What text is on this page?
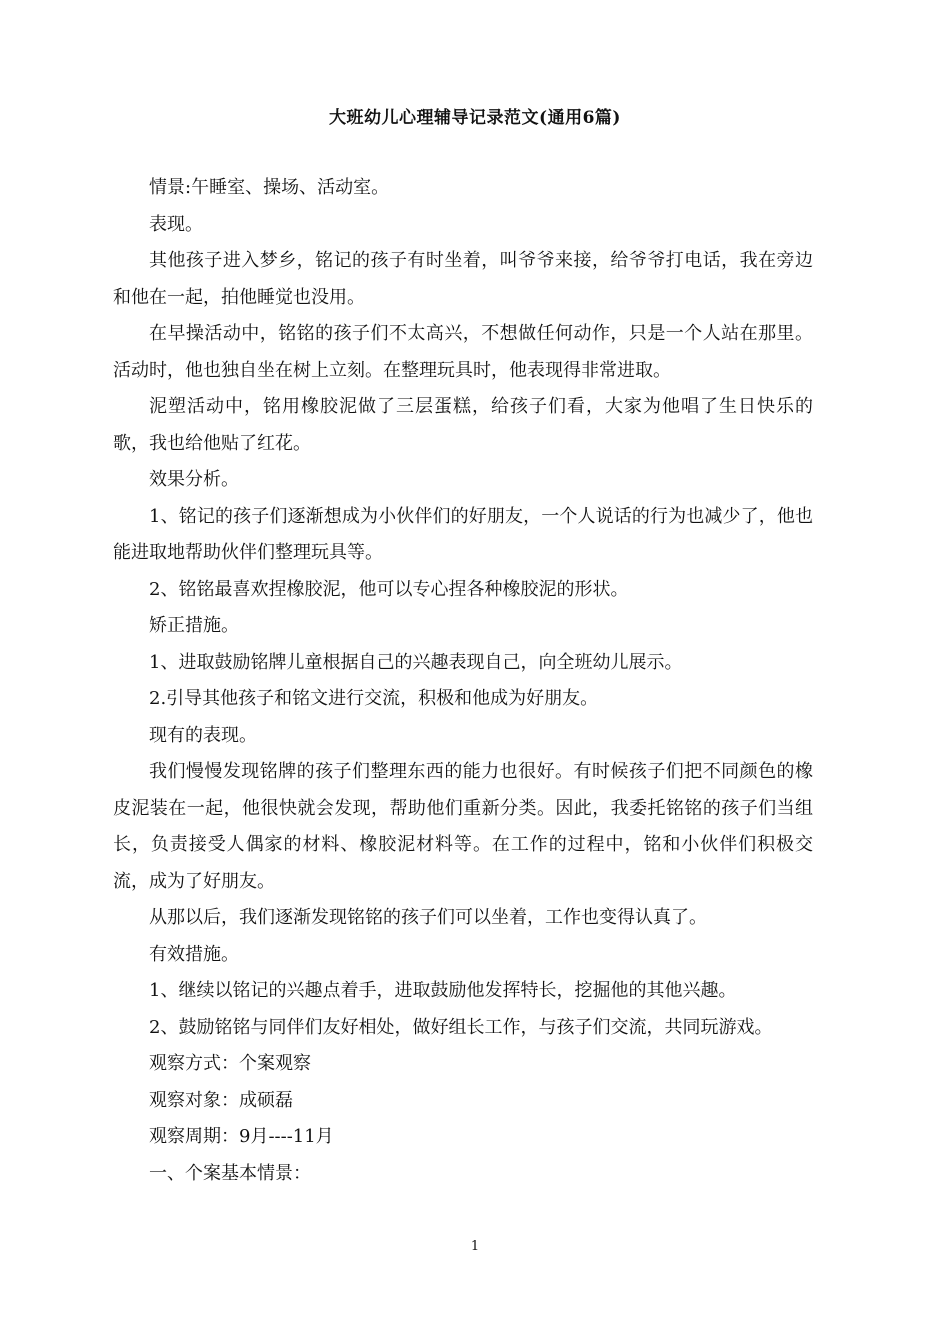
大班幼儿心理辅导记录范文(通用6篇)

情景:午睡室、操场、活动室。

表现。

其他孩子进入梦乡，铭记的孩子有时坐着，叫爷爷来接，给爷爷打电话，我在旁边和他在一起，拍他睡觉也没用。

在早操活动中，铭铭的孩子们不太高兴，不想做任何动作，只是一个人站在那里。活动时，他也独自坐在树上立刻。在整理玩具时，他表现得非常进取。

泥塑活动中，铭用橡胶泥做了三层蛋糕，给孩子们看，大家为他唱了生日快乐的歌，我也给他贴了红花。

效果分析。

1、铭记的孩子们逐渐想成为小伙伴们的好朋友，一个人说话的行为也减少了，他也能进取地帮助伙伴们整理玩具等。

2、铭铭最喜欢捏橡胶泥，他可以专心捏各种橡胶泥的形状。

矫正措施。

1、进取鼓励铭牌儿童根据自己的兴趣表现自己，向全班幼儿展示。

2.引导其他孩子和铭文进行交流，积极和他成为好朋友。

现有的表现。

我们慢慢发现铭牌的孩子们整理东西的能力也很好。有时候孩子们把不同颜色的橡皮泥装在一起，他很快就会发现，帮助他们重新分类。因此，我委托铭铭的孩子们当组长，负责接受人偶家的材料、橡胶泥材料等。在工作的过程中，铭和小伙伴们积极交流，成为了好朋友。

从那以后，我们逐渐发现铭铭的孩子们可以坐着，工作也变得认真了。

有效措施。

1、继续以铭记的兴趣点着手，进取鼓励他发挥特长，挖掘他的其他兴趣。

2、鼓励铭铭与同伴们友好相处，做好组长工作，与孩子们交流，共同玩游戏。

观察方式：个案观察

观察对象：成硕磊

观察周期：9月----11月

一、个案基本情景：

1
